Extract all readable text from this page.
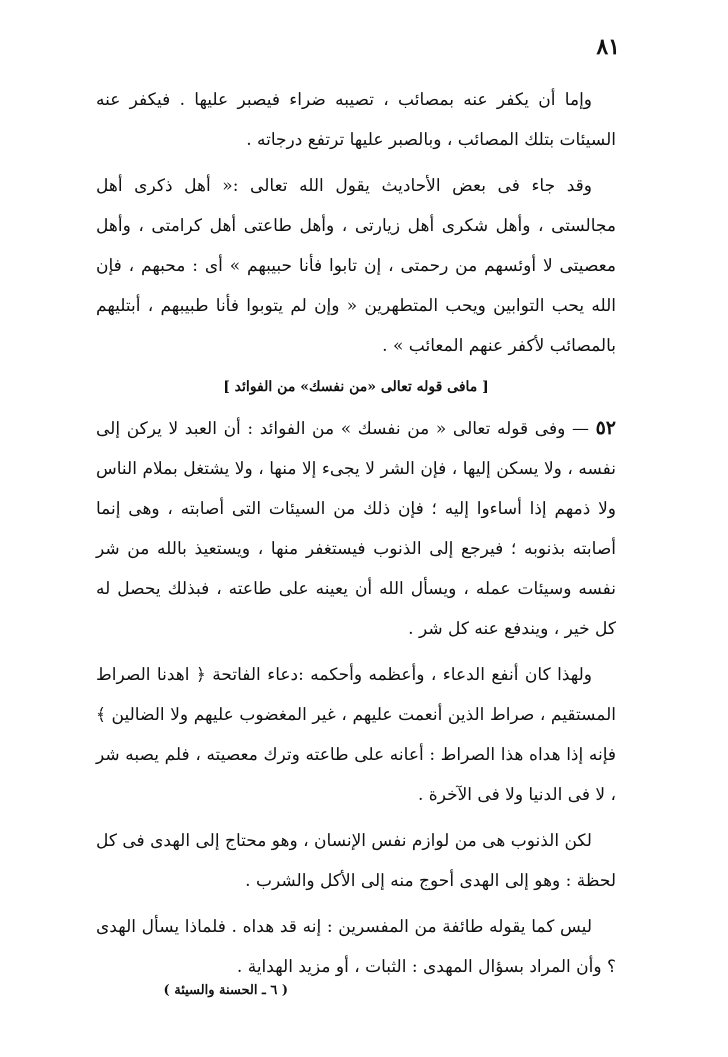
٨١

وإما أن يكفر عنه بمصائب ، تصيبه ضراء فيصبر عليها . فيكفر عنه السيئات بتلك المصائب ، وبالصبر عليها ترتفع درجاته .

وقد جاء فى بعض الأحاديث يقول الله تعالى :« أهل ذكرى أهل مجالستى ، وأهل شكرى أهل زيارتى ، وأهل طاعتى أهل كرامتى ، وأهل معصيتى لا أوئسهم من رحمتى ، إن تابوا فأنا حبيبهم » أى : محبهم ، فإن الله يحب التوابين ويحب المتطهرين « وإن لم يتوبوا فأنا طبيبهم ، أبتليهم بالمصائب لأكفر عنهم المعائب » .

[ مافى قوله تعالى «من نفسك» من الفوائد ]

٥٢ — وفى قوله تعالى « من نفسك » من الفوائد : أن العبد لا يركن إلى نفسه ، ولا يسكن إليها ، فإن الشر لا يجىء إلا منها ، ولا يشتغل بملام الناس ولا ذمهم إذا أساءوا إليه ؛ فإن ذلك من السيئات التى أصابته ، وهى إنما أصابته بذنوبه ؛ فيرجع إلى الذنوب فيستغفر منها ، ويستعيذ بالله من شر نفسه وسيئات عمله ، ويسأل الله أن يعينه على طاعته ، فبذلك يحصل له كل خير ، ويندفع عنه كل شر .

ولهذا كان أنفع الدعاء ، وأعظمه وأحكمه :دعاء الفاتحة ﴿ اهدنا الصراط المستقيم ، صراط الذين أنعمت عليهم ، غير المغضوب عليهم ولا الضالين ﴾ فإنه إذا هداه هذا الصراط : أعانه على طاعته وترك معصيته ، فلم يصبه شر ، لا فى الدنيا ولا فى الآخرة .

لكن الذنوب هى من لوازم نفس الإنسان ، وهو محتاج إلى الهدى فى كل لحظة : وهو إلى الهدى أحوج منه إلى الأكل والشرب .

ليس كما يقوله طائفة من المفسرين : إنه قد هداه . فلماذا يسأل الهدى ؟ وأن المراد بسؤال المهدى : الثبات ، أو مزيد الهداية .

( ٦ ـ الحسنة والسيئة )
